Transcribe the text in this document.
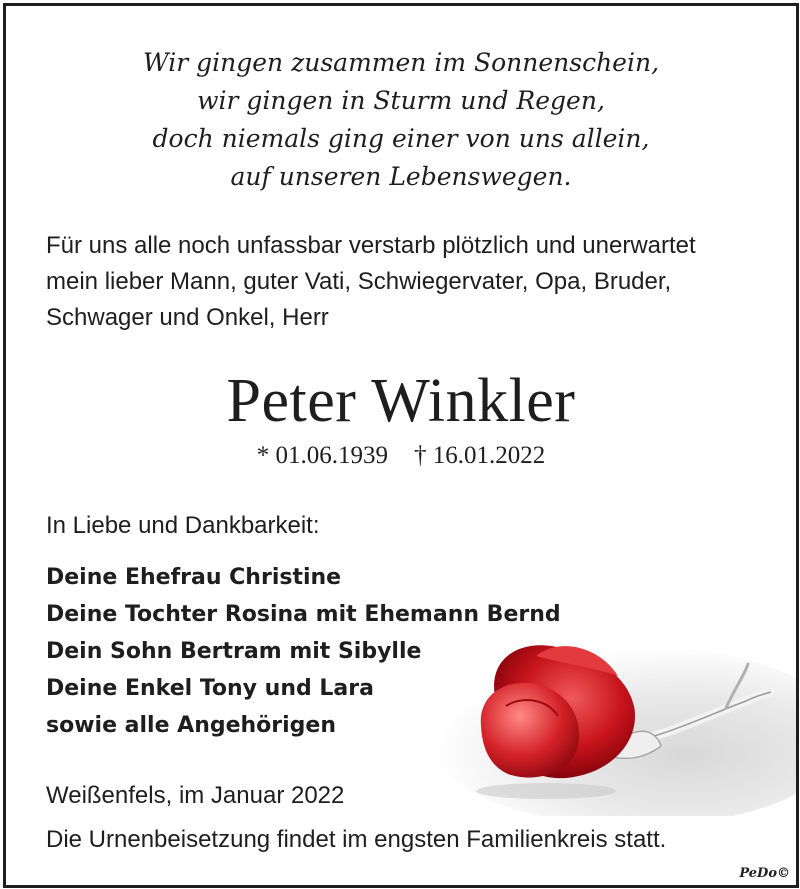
Wir gingen zusammen im Sonnenschein,
wir gingen in Sturm und Regen,
doch niemals ging einer von uns allein,
auf unseren Lebenswegen.
Für uns alle noch unfassbar verstarb plötzlich und unerwartet
mein lieber Mann, guter Vati, Schwiegervater, Opa, Bruder,
Schwager und Onkel, Herr
Peter Winkler
* 01.06.1939 † 16.01.2022
In Liebe und Dankbarkeit:
Deine Ehefrau Christine
Deine Tochter Rosina mit Ehemann Bernd
Dein Sohn Bertram mit Sibylle
Deine Enkel Tony und Lara
sowie alle Angehörigen
Weißenfels, im Januar 2022
Die Urnenbeisetzung findet im engsten Familienkreis statt.
PeDo©
